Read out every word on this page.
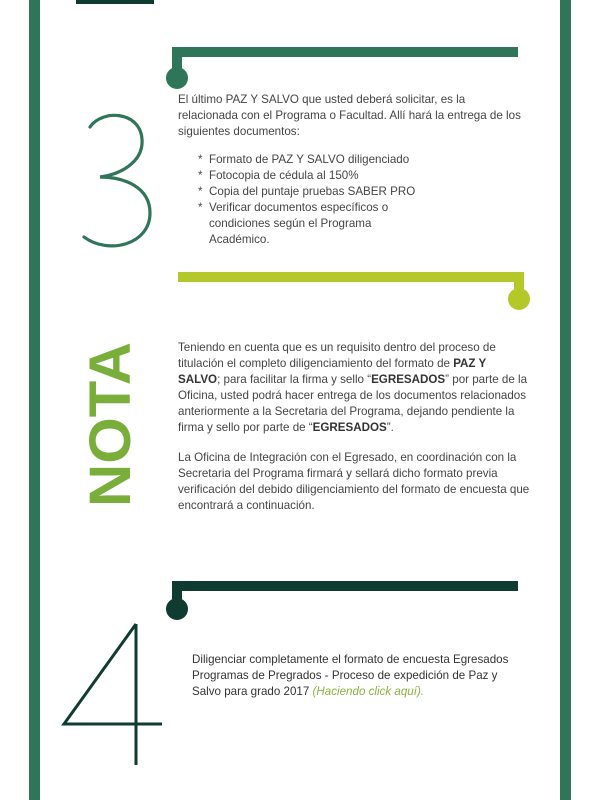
El último PAZ Y SALVO que usted deberá solicitar, es la relacionada con el Programa o Facultad. Allí hará la entrega de los siguientes documentos:
* Formato de PAZ Y SALVO diligenciado
* Fotocopia de cédula al 150%
* Copia del puntaje pruebas SABER PRO
* Verificar documentos específicos o condiciones según el Programa Académico.
NOTA	Teniendo en cuenta que es un requisito dentro del proceso de titulación el completo diligenciamiento del formato de PAZ Y SALVO; para facilitar la firma y sello “EGRESADOS” por parte de la Oficina, usted podrá hacer entrega de los documentos relacionados anteriormente a la Secretaria del Programa, dejando pendiente la firma y sello por parte de “EGRESADOS”.

La Oficina de Integración con el Egresado, en coordinación con la Secretaria del Programa firmará y sellará dicho formato previa verificación del debido diligenciamiento del formato de encuesta que encontrará a continuación.

Diligenciar completamente el formato de encuesta Egresados Programas de Pregrados - Proceso de expedición de Paz y Salvo para grado 2017 (Haciendo click aquí).
